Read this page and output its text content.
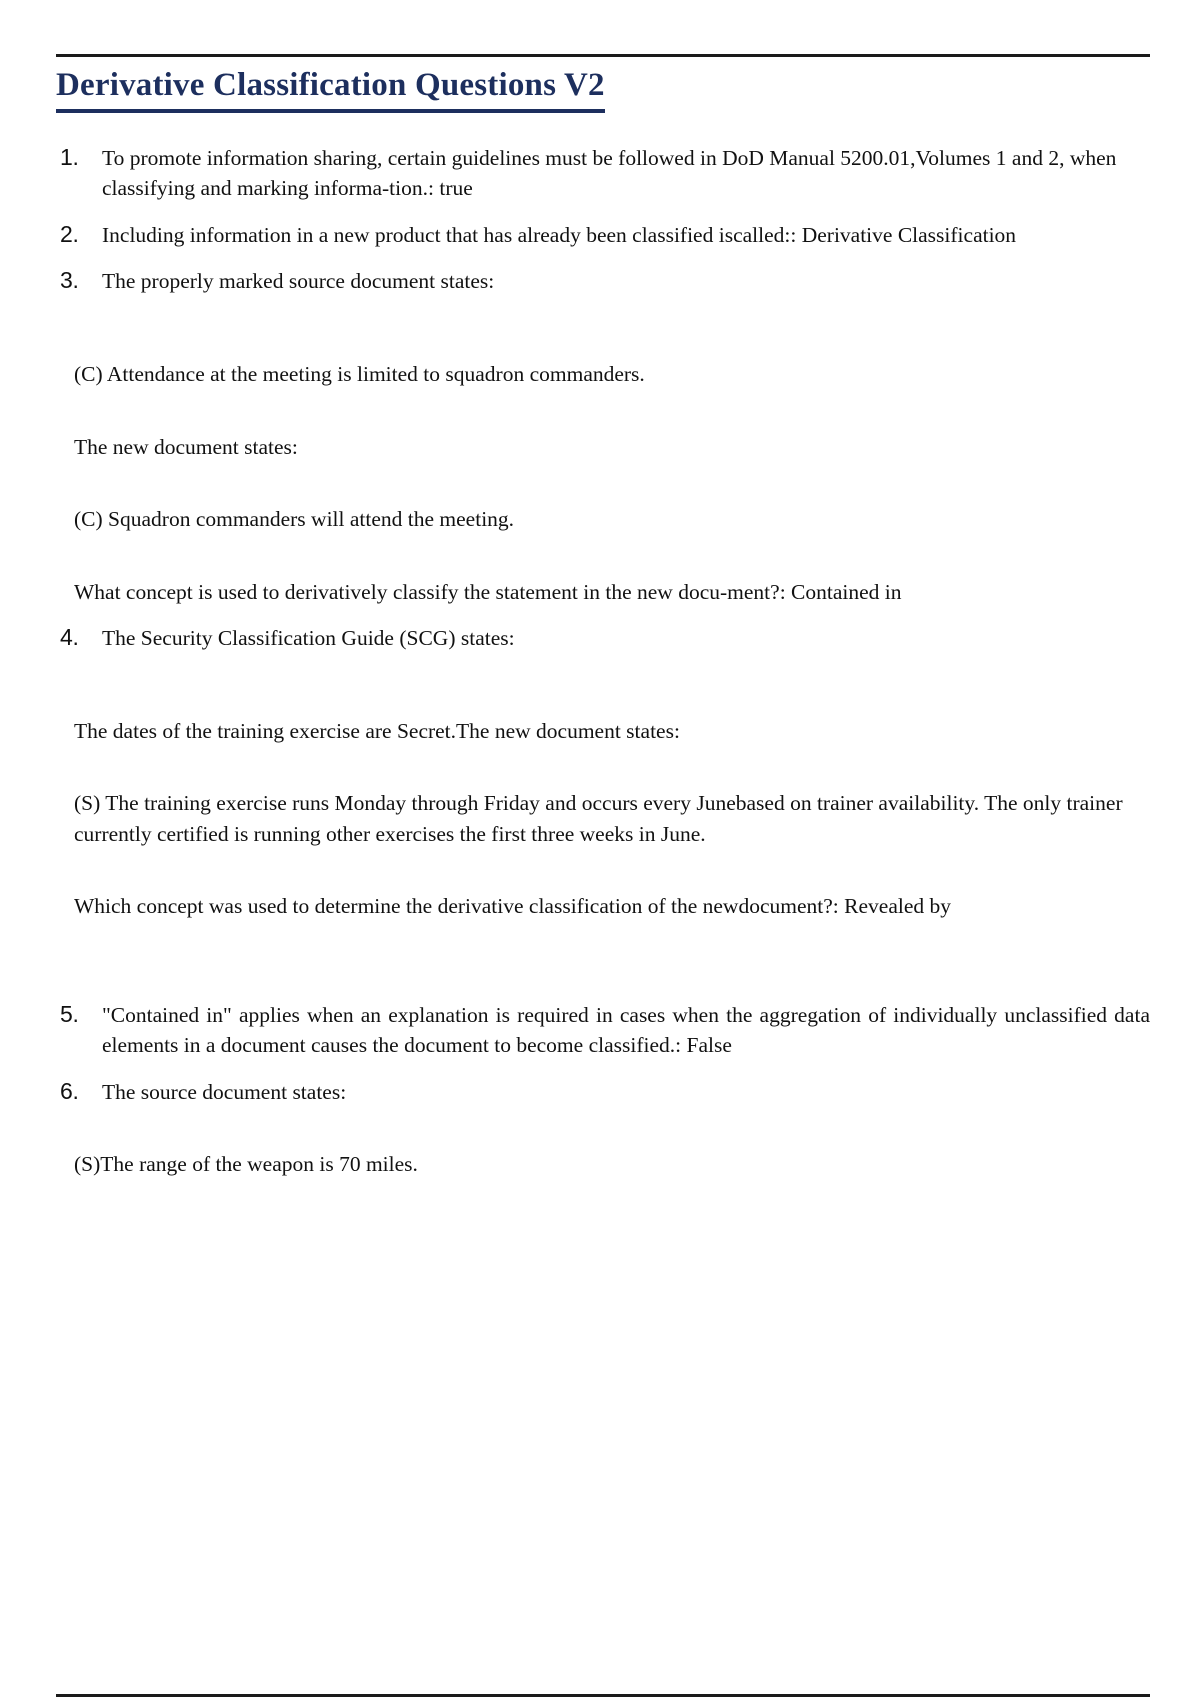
Derivative Classification Questions V2
1. To promote information sharing, certain guidelines must be followed in DoD Manual 5200.01,Volumes 1 and 2, when classifying and marking informa-tion.: true
2. Including information in a new product that has already been classified iscalled:: Derivative Classification
3. The properly marked source document states:

(C) Attendance at the meeting is limited to squadron commanders.

The new document states:

(C) Squadron commanders will attend the meeting.

What concept is used to derivatively classify the statement in the new docu-ment?: Contained in

4. The Security Classification Guide (SCG) states:

The dates of the training exercise are Secret.The new document states:

(S) The training exercise runs Monday through Friday and occurs every Junebased on trainer availability. The only trainer currently certified is running other exercises the first three weeks in June.

Which concept was used to determine the derivative classification of the newdocument?: Revealed by

5. "Contained in" applies when an explanation is required in cases when the aggregation of individually unclassified data elements in a document causes the document to become classified.: False
6. The source document states:

(S)The range of the weapon is 70 miles.
